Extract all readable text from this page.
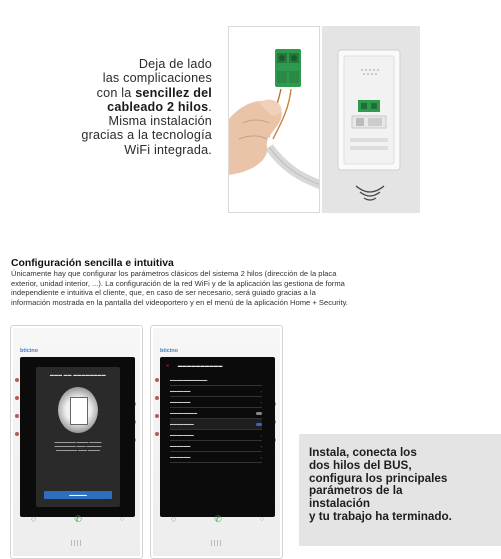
Deja de lado
las complicaciones
con la sencillez del
cableado 2 hilos.
Misma instalación
gracias a la tecnología
WiFi integrada.
Configuración sencilla e intuitiva
Únicamente hay que configurar los parámetros clásicos del sistema 2 hilos (dirección de la placa exterior, unidad interior, ...). La configuración de la red WiFi y de la aplicación las gestiona de forma independiente e intuitiva el cliente, que, en caso de ser necesario, será guiado gracias a la información mostrada en la pantalla del videoportero y en el menú de la aplicación Home + Security.
bticino
▬▬▬ ▬▬ ▬▬▬▬▬▬▬▬
▬▬▬▬▬▬▬ ▬▬▬▬ ▬▬▬▬ ▬▬▬▬▬▬▬ ▬▬▬ ▬▬▬▬▬ ▬▬▬▬▬▬▬ ▬▬▬ ▬▬▬▬
▬▬▬▬▬
◇	✆	○
bticino
✕ ▬▬▬▬▬▬▬▬▬▬
▬▬▬▬▬▬▬▬▬▬▬
▬▬▬▬▬▬	›
▬▬▬▬▬▬	›
▬▬▬▬▬▬▬▬
▬▬▬▬▬▬▬
▬▬▬▬▬▬▬	›
▬▬▬▬▬▬	›
▬▬▬▬▬▬	›
◇	✆	○
Instala, conecta los
dos hilos del BUS,
configura los principales
parámetros de la
instalación
y tu trabajo ha terminado.
